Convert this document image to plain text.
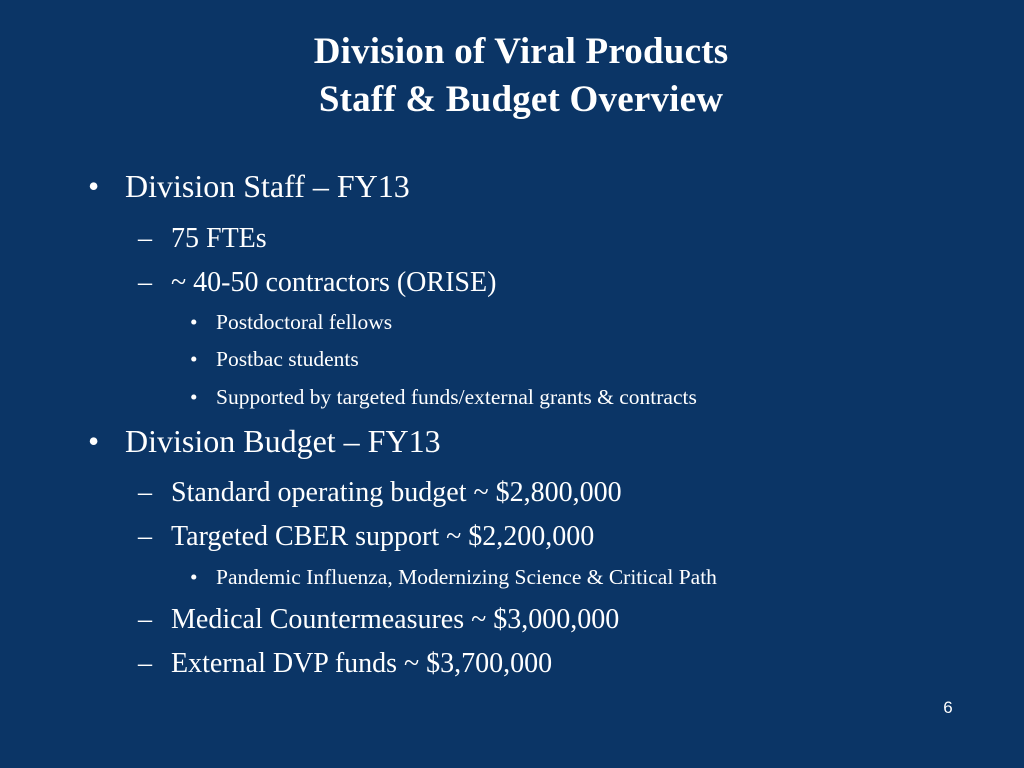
Division of Viral Products
Staff & Budget Overview
• Division Staff – FY13
– 75 FTEs
– ~ 40-50 contractors (ORISE)
• Postdoctoral fellows
• Postbac students
• Supported by targeted funds/external grants & contracts
• Division Budget – FY13
– Standard operating budget ~ $2,800,000
– Targeted CBER support ~ $2,200,000
• Pandemic Influenza, Modernizing Science & Critical Path
– Medical Countermeasures ~ $3,000,000
– External DVP funds ~ $3,700,000
6
